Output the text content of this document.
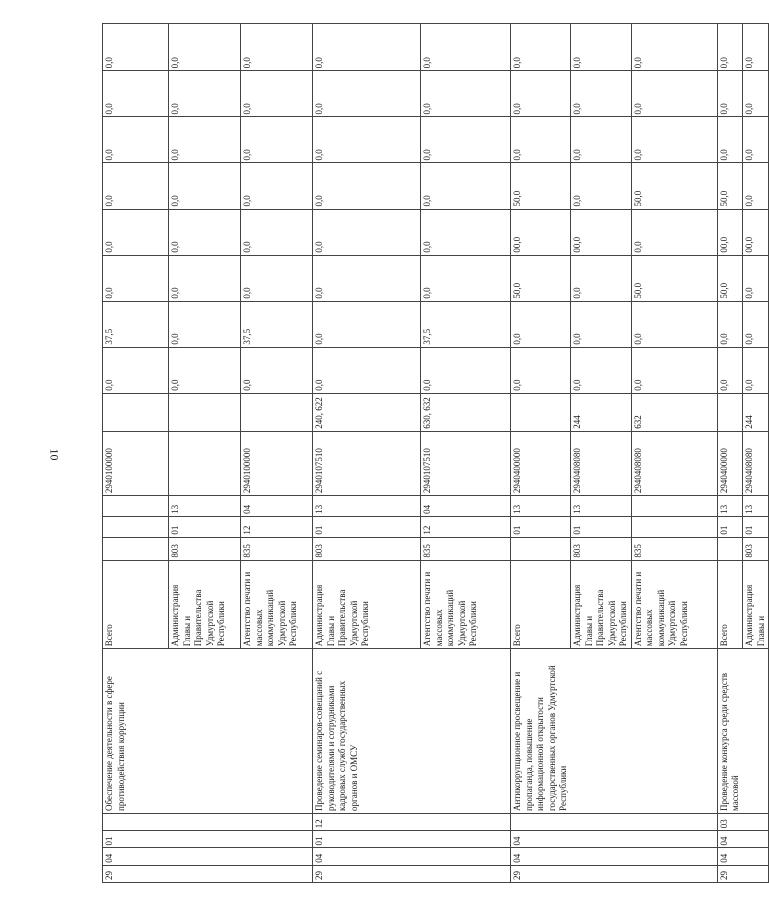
10
29	04	01		Обеспечение деятельности в сфере противодействия коррупции	Всего				2940100000		0,0	37,5	0,0	0,0	0,0	0,0	0,0	0,0
					Администрация Главы и Правительства Удмуртской Республики	803	01	13			0,0	0,0	0,0	0,0	0,0	0,0	0,0	0,0
					Агентство печати и массовых коммуникаций Удмуртской Республики	835	12	04	2940100000		0,0	37,5	0,0	0,0	0,0	0,0	0,0	0,0
29	04	01	12	Проведение семинаров-совещаний с руководителями и сотрудниками кадровых служб государственных органов и ОМСУ	Администрация Главы и Правительства Удмуртской Республики	803	01	13	2940107510	240, 622	0,0	0,0	0,0	0,0	0,0	0,0	0,0	0,0
					Агентство печати и массовых коммуникаций Удмуртской Республики	835	12	04	2940107510	630, 632	0,0	37,5	0,0	0,0	0,0	0,0	0,0	0,0
29	04	04		Антикоррупционное просвещение и пропаганда, повышение информационной открытости государственных органов Удмуртской Республики	Всего		01	13	2940400000		0,0	0,0	50,0	00,0	50,0	0,0	0,0	0,0
					Администрация Главы и Правительства Удмуртской Республики	803	01	13	2940408080	244	0,0	0,0	0,0	00,0	0,0	0,0	0,0	0,0
					Агентство печати и массовых коммуникаций Удмуртской Республики	835			2940408080	632	0,0	0,0	50,0	0,0	50,0	0,0	0,0	0,0
29	04	04	03	Проведение конкурса среди средств массовой	Всего		01	13	2940400000		0,0	0,0	50,0	00,0	50,0	0,0	0,0	0,0
					Администрация Главы и	803	01	13	2940408080	244	0,0	0,0	0,0	00,0	0,0	0,0	0,0	0,0
